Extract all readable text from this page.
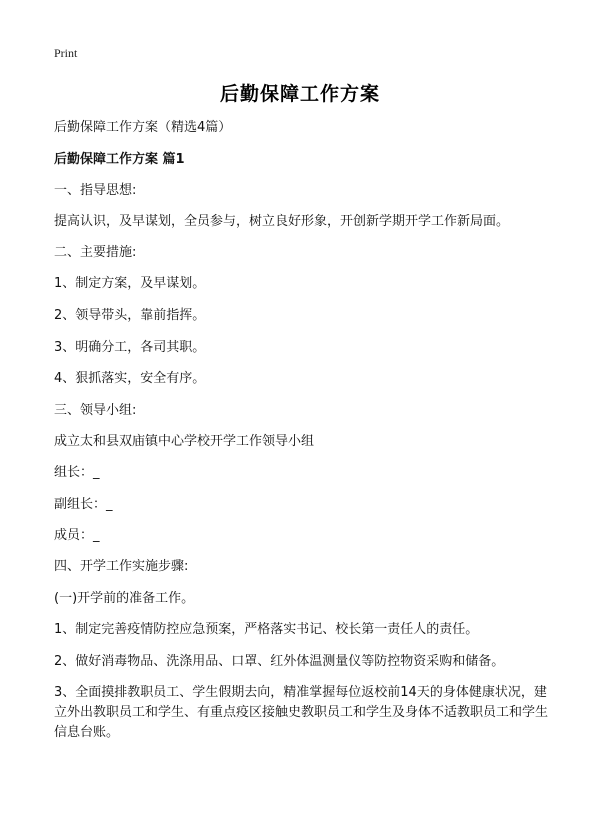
Print
后勤保障工作方案

后勤保障工作方案（精选4篇）

后勤保障工作方案 篇1

一、指导思想:

提高认识，及早谋划，全员参与，树立良好形象，开创新学期开学工作新局面。

二、主要措施:

1、制定方案，及早谋划。

2、领导带头，靠前指挥。

3、明确分工，各司其职。

4、狠抓落实，安全有序。

三、领导小组:

成立太和县双庙镇中心学校开学工作领导小组

组长：_

副组长：_

成员：_

四、开学工作实施步骤:

(一)开学前的准备工作。

1、制定完善疫情防控应急预案，严格落实书记、校长第一责任人的责任。

2、做好消毒物品、洗涤用品、口罩、红外体温测量仪等防控物资采购和储备。

3、全面摸排教职员工、学生假期去向，精准掌握每位返校前14天的身体健康状况，建立外出教职员工和学生、有重点疫区接触史教职员工和学生及身体不适教职员工和学生信息台账。
